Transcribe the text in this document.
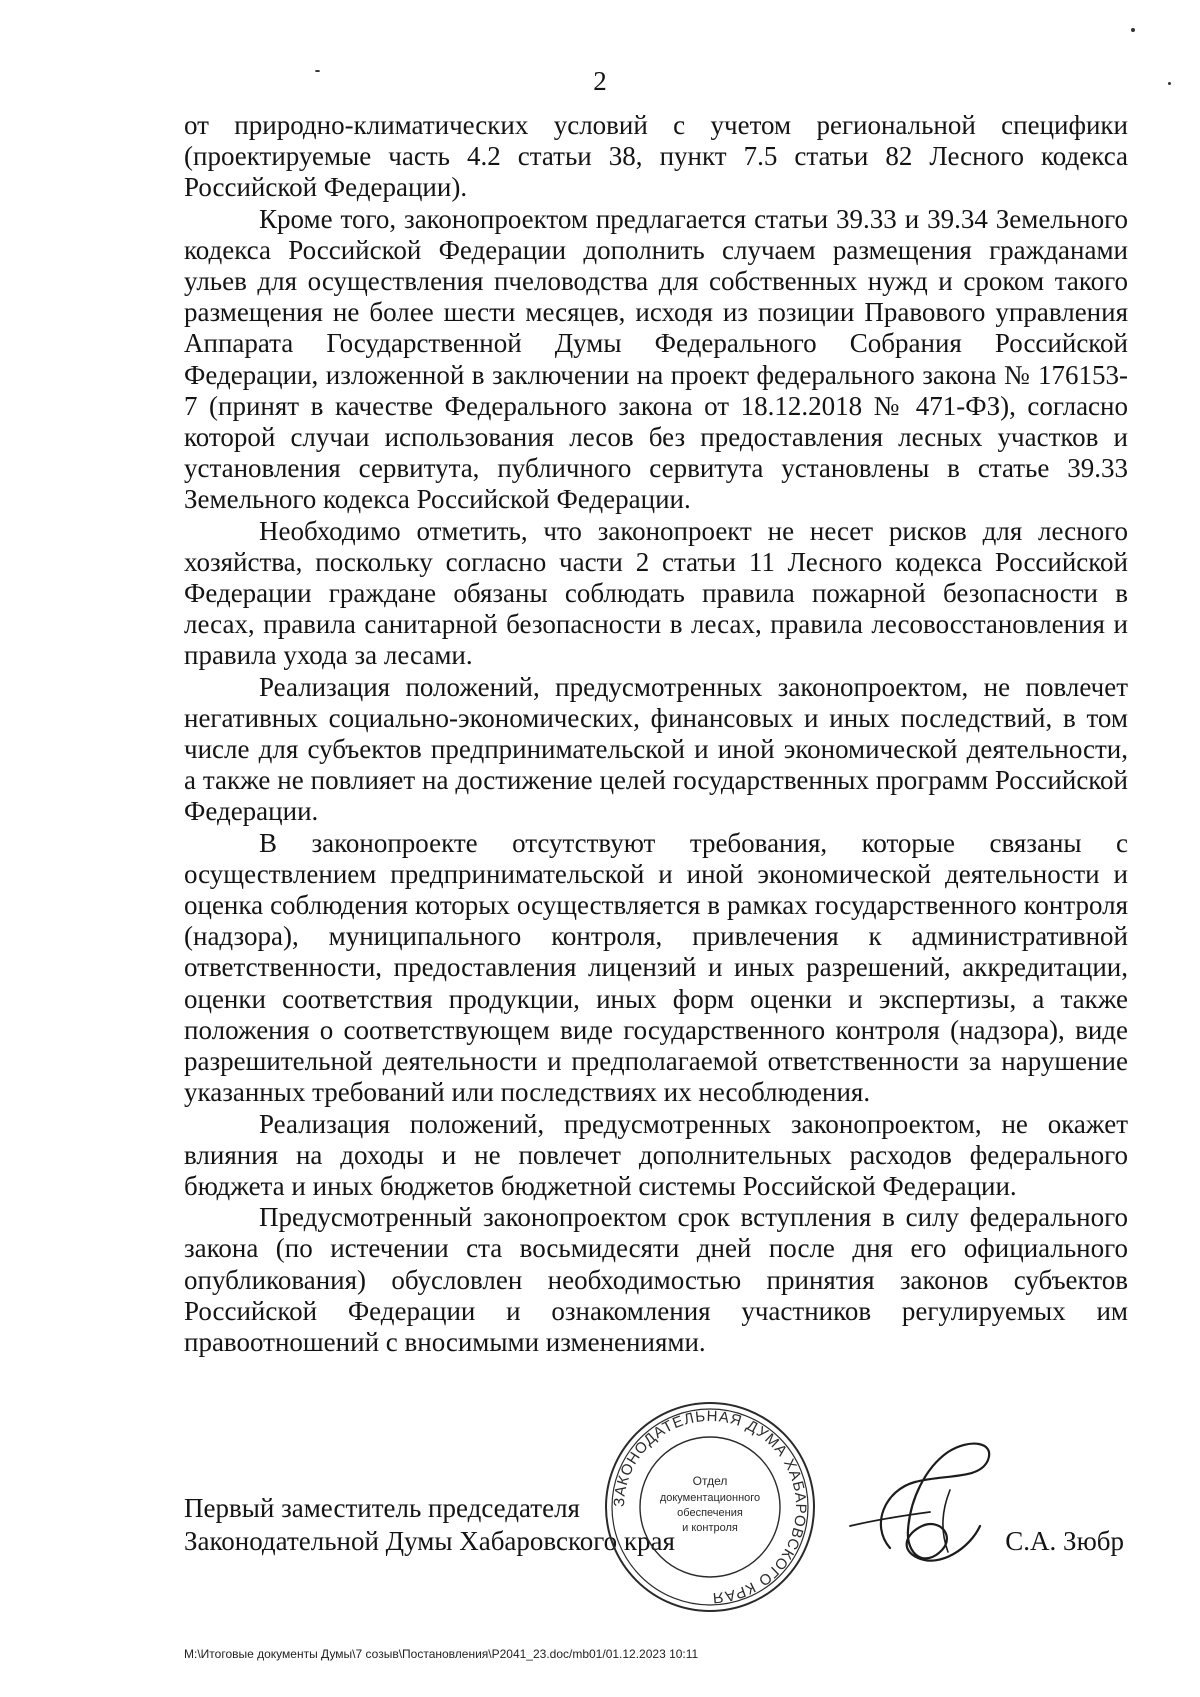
2

от природно-климатических условий с учетом региональной специфики (проектируемые часть 4.2 статьи 38, пункт 7.5 статьи 82 Лесного кодекса Российской Федерации).

Кроме того, законопроектом предлагается статьи 39.33 и 39.34 Земельного кодекса Российской Федерации дополнить случаем размещения гражданами ульев для осуществления пчеловодства для собственных нужд и сроком такого размещения не более шести месяцев, исходя из позиции Правового управления Аппарата Государственной Думы Федерального Собрания Российской Федерации, изложенной в заключении на проект федерального закона № 176153-7 (принят в качестве Федерального закона от 18.12.2018 № 471-ФЗ), согласно которой случаи использования лесов без предоставления лесных участков и установления сервитута, публичного сервитута установлены в статье 39.33 Земельного кодекса Российской Федерации.

Необходимо отметить, что законопроект не несет рисков для лесного хозяйства, поскольку согласно части 2 статьи 11 Лесного кодекса Российской Федерации граждане обязаны соблюдать правила пожарной безопасности в лесах, правила санитарной безопасности в лесах, правила лесовосстановления и правила ухода за лесами.

Реализация положений, предусмотренных законопроектом, не повлечет негативных социально-экономических, финансовых и иных последствий, в том числе для субъектов предпринимательской и иной экономической деятельности, а также не повлияет на достижение целей государственных программ Российской Федерации.

В законопроекте отсутствуют требования, которые связаны с осуществлением предпринимательской и иной экономической деятельности и оценка соблюдения которых осуществляется в рамках государственного контроля (надзора), муниципального контроля, привлечения к административной ответственности, предоставления лицензий и иных разрешений, аккредитации, оценки соответствия продукции, иных форм оценки и экспертизы, а также положения о соответствующем виде государственного контроля (надзора), виде разрешительной деятельности и предполагаемой ответственности за нарушение указанных требований или последствиях их несоблюдения.

Реализация положений, предусмотренных законопроектом, не окажет влияния на доходы и не повлечет дополнительных расходов федерального бюджета и иных бюджетов бюджетной системы Российской Федерации.

Предусмотренный законопроектом срок вступления в силу федерального закона (по истечении ста восьмидесяти дней после дня его официального опубликования) обусловлен необходимостью принятия законов субъектов Российской Федерации и ознакомления участников регулируемых им правоотношений с вносимыми изменениями.

Первый заместитель председателя

Законодательной Думы Хабаровского края	С.А. Зюбр
ЗАКОНОДАТЕЛЬНАЯ ДУМА ХАБАРОВСКОГО КРАЯ
Отдел
документационного
обеспечения
и контроля
M:\Итоговые документы Думы\7 созыв\Постановления\P2041_23.doc/mb01/01.12.2023 10:11
